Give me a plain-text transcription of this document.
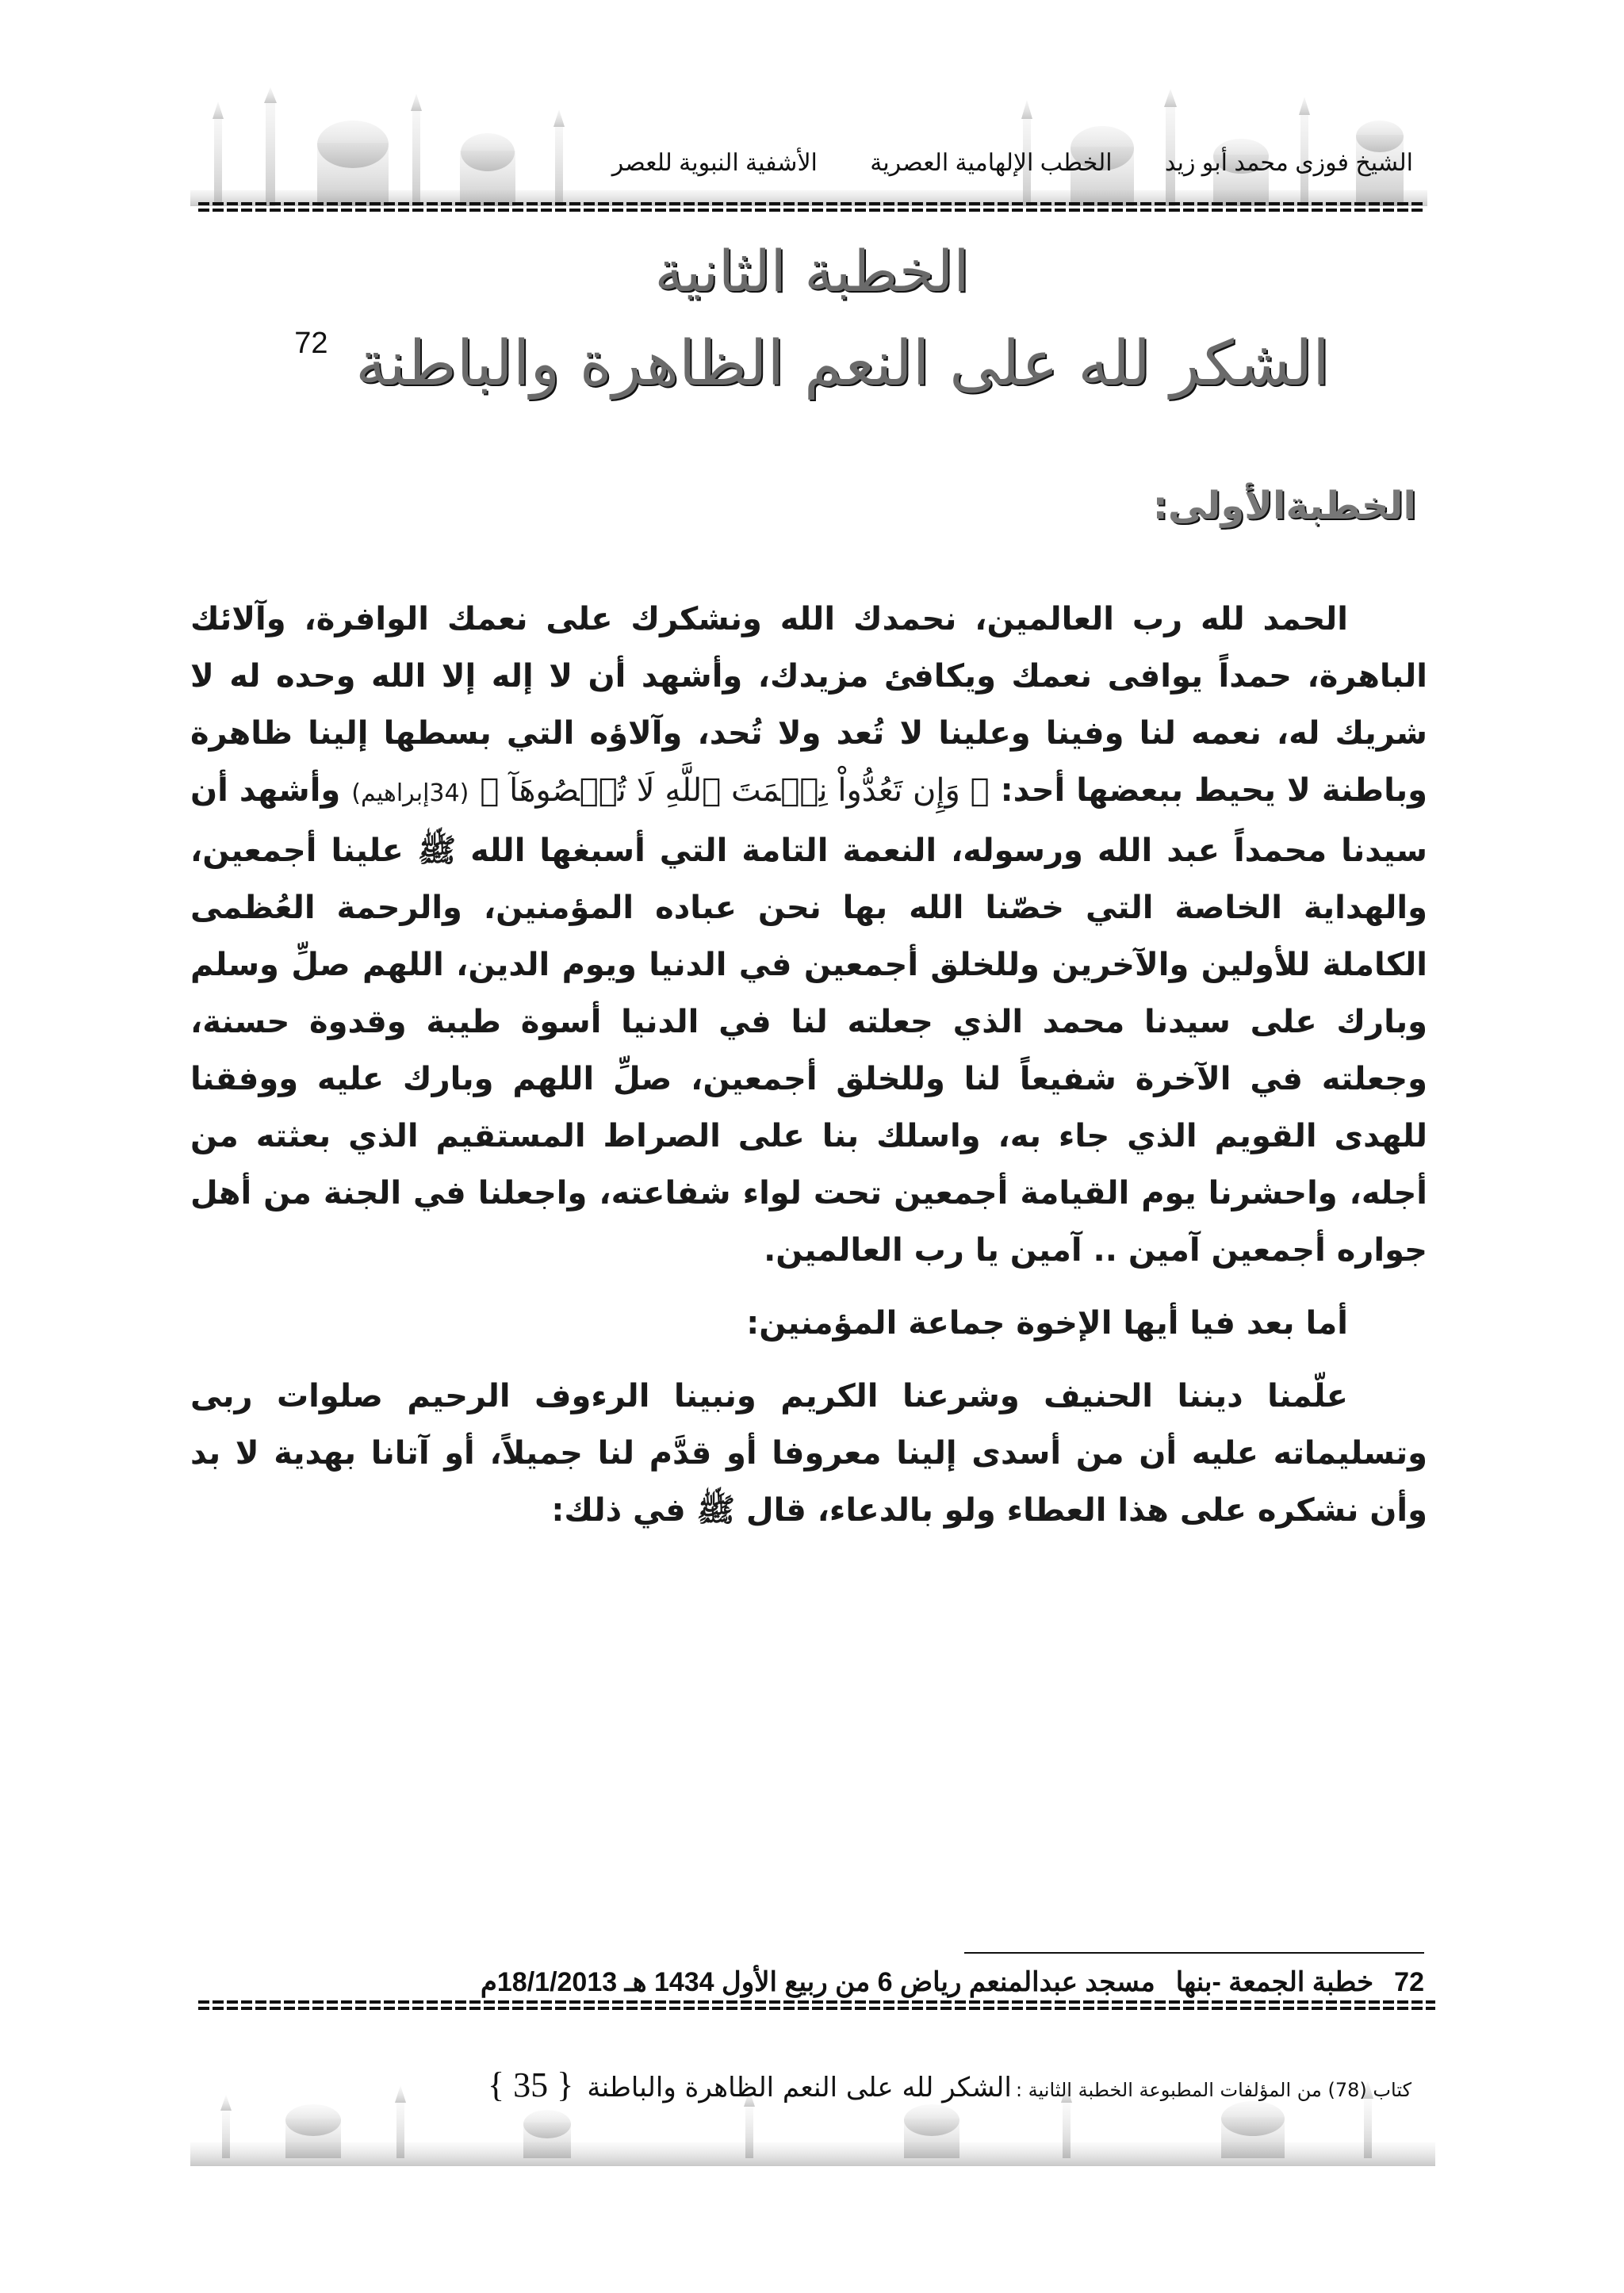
الشيخ فوزى محمد أبو زيد الخطب الإلهامية العصرية الأشفية النبوية للعصر
الخطبة الثانية
الشكر لله على النعم الظاهرة والباطنة $^{72}$
الخطبةالأولى:

الحمد لله رب العالمين، نحمدك الله ونشكرك على نعمك الوافرة، وآلائك الباهرة، حمداً يوافى نعمك ويكافئ مزيدك، وأشهد أن لا إله إلا الله وحده له لا شريك له، نعمه لنا وفينا وعلينا لا تُعد ولا تُحد، وآلاؤه التي بسطها إلينا ظاهرة وباطنة لا يحيط ببعضها أحد: ﴿ وَإِن تَعُدُّواْ نِعۡمَتَ ٱللَّهِ لَا تُحۡصُوهَآ ﴾ (34إبراهيم) وأشهد أن سيدنا محمداً عبد الله ورسوله، النعمة التامة التي أسبغها الله ﷺ علينا أجمعين، والهداية الخاصة التي خصّنا الله بها نحن عباده المؤمنين، والرحمة العُظمى الكاملة للأولين والآخرين وللخلق أجمعين في الدنيا ويوم الدين، اللهم صلِّ وسلم وبارك على سيدنا محمد الذي جعلته لنا في الدنيا أسوة طيبة وقدوة حسنة، وجعلته في الآخرة شفيعاً لنا وللخلق أجمعين، صلِّ اللهم وبارك عليه ووفقنا للهدى القويم الذي جاء به، واسلك بنا على الصراط المستقيم الذي بعثته من أجله، واحشرنا يوم القيامة أجمعين تحت لواء شفاعته، واجعلنا في الجنة من أهل جواره أجمعين آمين .. آمين يا رب العالمين.

أما بعد فيا أيها الإخوة جماعة المؤمنين:

علّمنا ديننا الحنيف وشرعنا الكريم ونبينا الرءوف الرحيم صلوات ربى وتسليماته عليه أن من أسدى إلينا معروفا أو قدَّم لنا جميلاً، أو آتانا بهدية لا بد وأن نشكره على هذا العطاء ولو بالدعاء، قال ﷺ في ذلك:

72خطبة الجمعة -بنهامسجد عبدالمنعم رياض 6 من ربيع الأول 1434 هـ 18/1/2013م
كتاب (78) من المؤلفات المطبوعة الخطبة الثانية : الشكر لله على النعم الظاهرة والباطنة { 35 }
